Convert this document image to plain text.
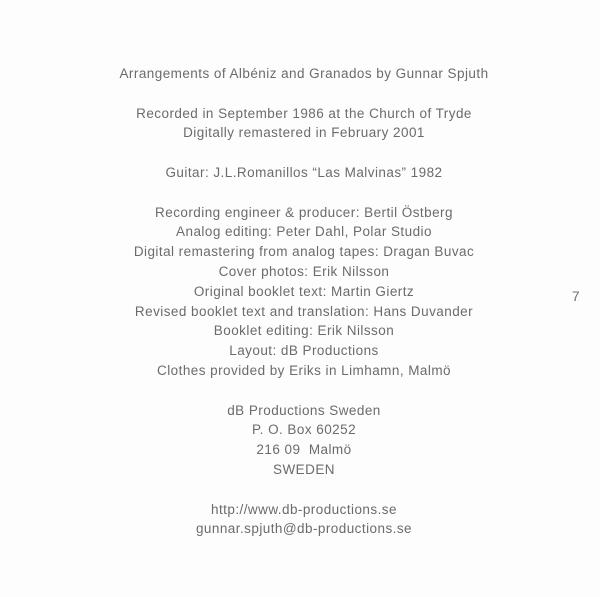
Arrangements of Albéniz and Granados by Gunnar Spjuth
Recorded in September 1986 at the Church of Tryde
Digitally remastered in February 2001
Guitar: J.L.Romanillos “Las Malvinas” 1982
Recording engineer & producer: Bertil Östberg
Analog editing: Peter Dahl, Polar Studio
Digital remastering from analog tapes: Dragan Buvac
Cover photos: Erik Nilsson
Original booklet text: Martin Giertz
Revised booklet text and translation: Hans Duvander
Booklet editing: Erik Nilsson
Layout: dB Productions
Clothes provided by Eriks in Limhamn, Malmö
dB Productions Sweden
P. O. Box 60252
216 09  Malmö
SWEDEN
http://www.db-productions.se
gunnar.spjuth@db-productions.se
7
